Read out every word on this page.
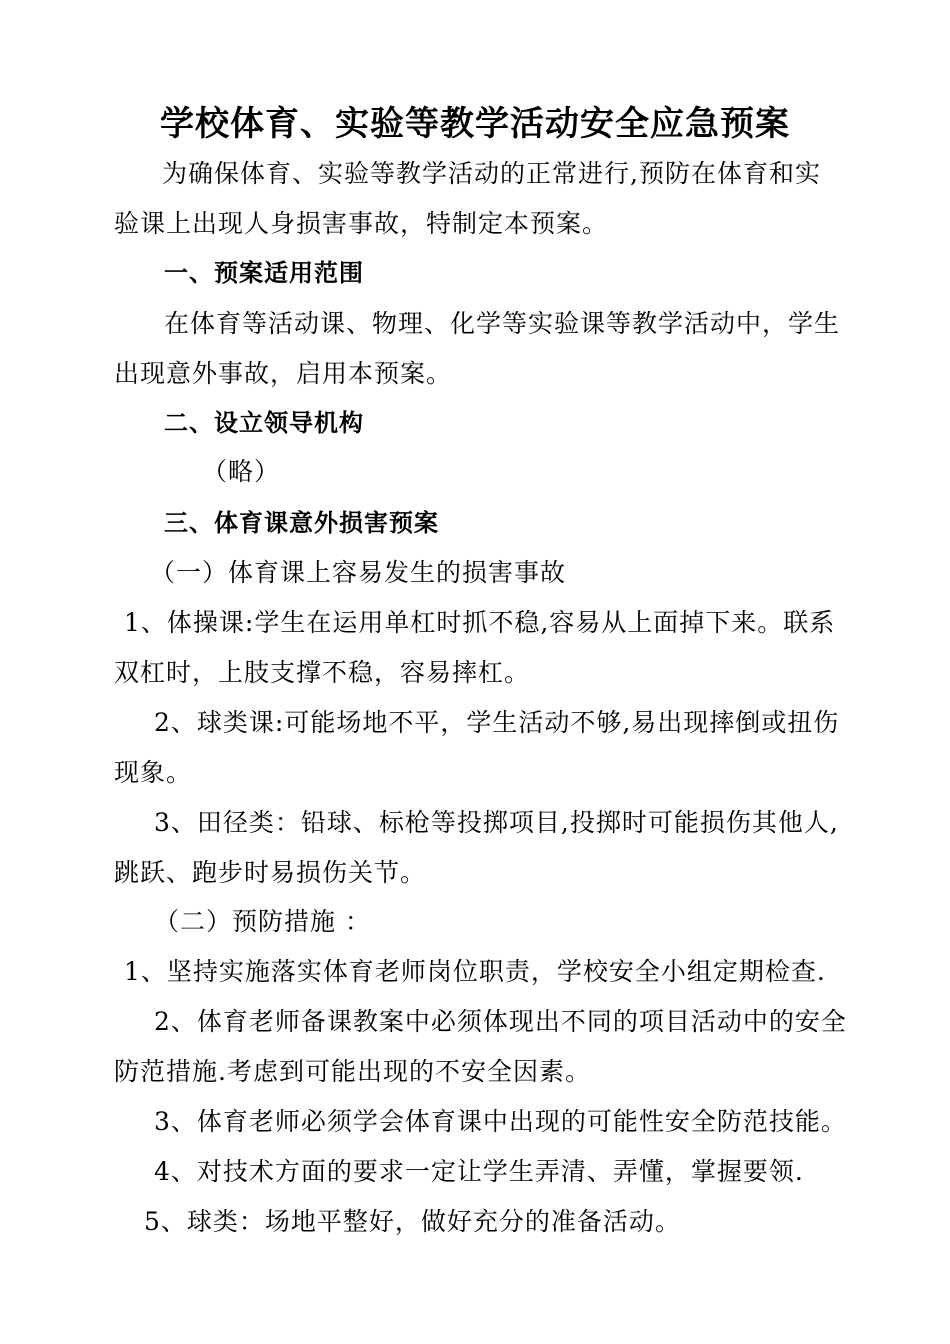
学校体育、实验等教学活动安全应急预案
为确保体育、实验等教学活动的正常进行,预防在体育和实
验课上出现人身损害事故，特制定本预案。
一、预案适用范围
在体育等活动课、物理、化学等实验课等教学活动中，学生
出现意外事故，启用本预案。
二、设立领导机构
（略）
三、体育课意外损害预案
（一）体育课上容易发生的损害事故
1、体操课:学生在运用单杠时抓不稳,容易从上面掉下来。联系
双杠时，上肢支撑不稳，容易摔杠。
2、球类课:可能场地不平，学生活动不够,易出现摔倒或扭伤
现象。
3、田径类：铅球、标枪等投掷项目,投掷时可能损伤其他人,
跳跃、跑步时易损伤关节。
（二）预防措施 ：
1、坚持实施落实体育老师岗位职责，学校安全小组定期检查.
2、体育老师备课教案中必须体现出不同的项目活动中的安全
防范措施.考虑到可能出现的不安全因素。
3、体育老师必须学会体育课中出现的可能性安全防范技能。
4、对技术方面的要求一定让学生弄清、弄懂，掌握要领.
5、球类：场地平整好，做好充分的准备活动。
